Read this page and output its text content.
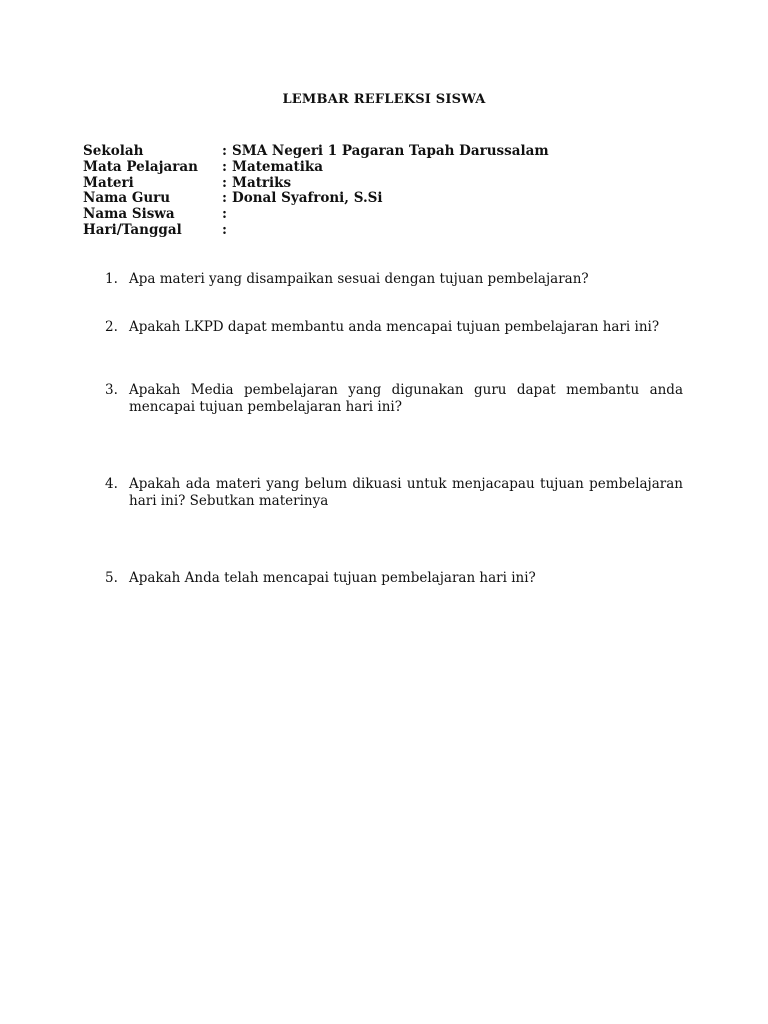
LEMBAR REFLEKSI SISWA
Sekolah	:	SMA Negeri 1 Pagaran Tapah Darussalam
Mata Pelajaran	:	Matematika
Materi	:	Matriks
Nama Guru	:	Donal Syafroni, S.Si
Nama Siswa	:	
Hari/Tanggal	:	
1. Apa materi yang disampaikan sesuai dengan tujuan pembelajaran?
2. Apakah LKPD dapat membantu anda mencapai tujuan pembelajaran hari ini?
3. Apakah Media pembelajaran yang digunakan guru dapat membantu anda mencapai tujuan pembelajaran hari ini?
4. Apakah ada materi yang belum dikuasi untuk menjacapau tujuan pembelajaran hari ini? Sebutkan materinya
5. Apakah Anda telah mencapai tujuan pembelajaran hari ini?
